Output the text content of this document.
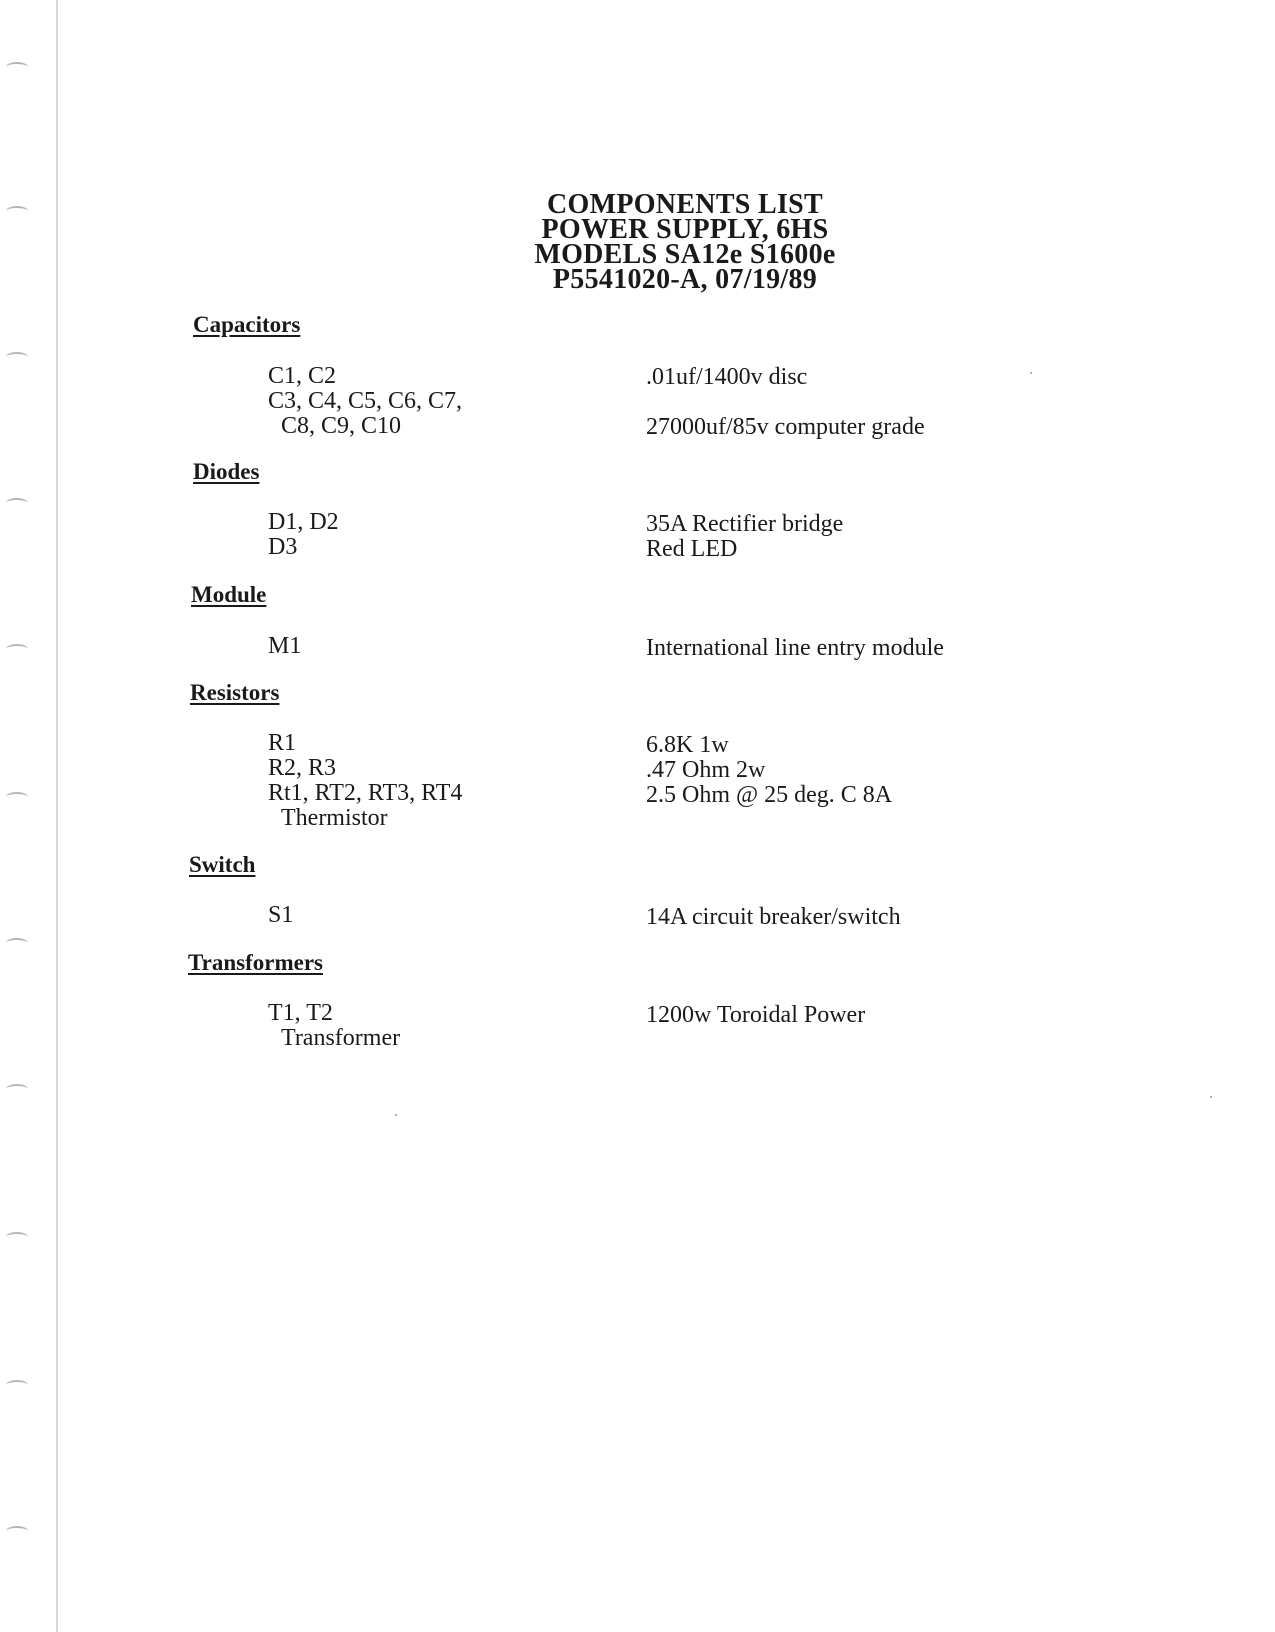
COMPONENTS LIST
POWER SUPPLY, 6HS
MODELS SA12e S1600e
P5541020-A, 07/19/89
Capacitors
C1, C2
C3, C4, C5, C6, C7,
C8, C9, C10
.01uf/1400v disc
27000uf/85v computer grade
Diodes
D1, D2
D3
35A Rectifier bridge
Red LED
Module
M1	International line entry module
Resistors
R1
R2, R3
Rt1, RT2, RT3, RT4
Thermistor
6.8K 1w
.47 Ohm 2w
2.5 Ohm @ 25 deg. C 8A
Switch
S1	14A circuit breaker/switch
Transformers
T1, T2
Transformer
1200w Toroidal Power
